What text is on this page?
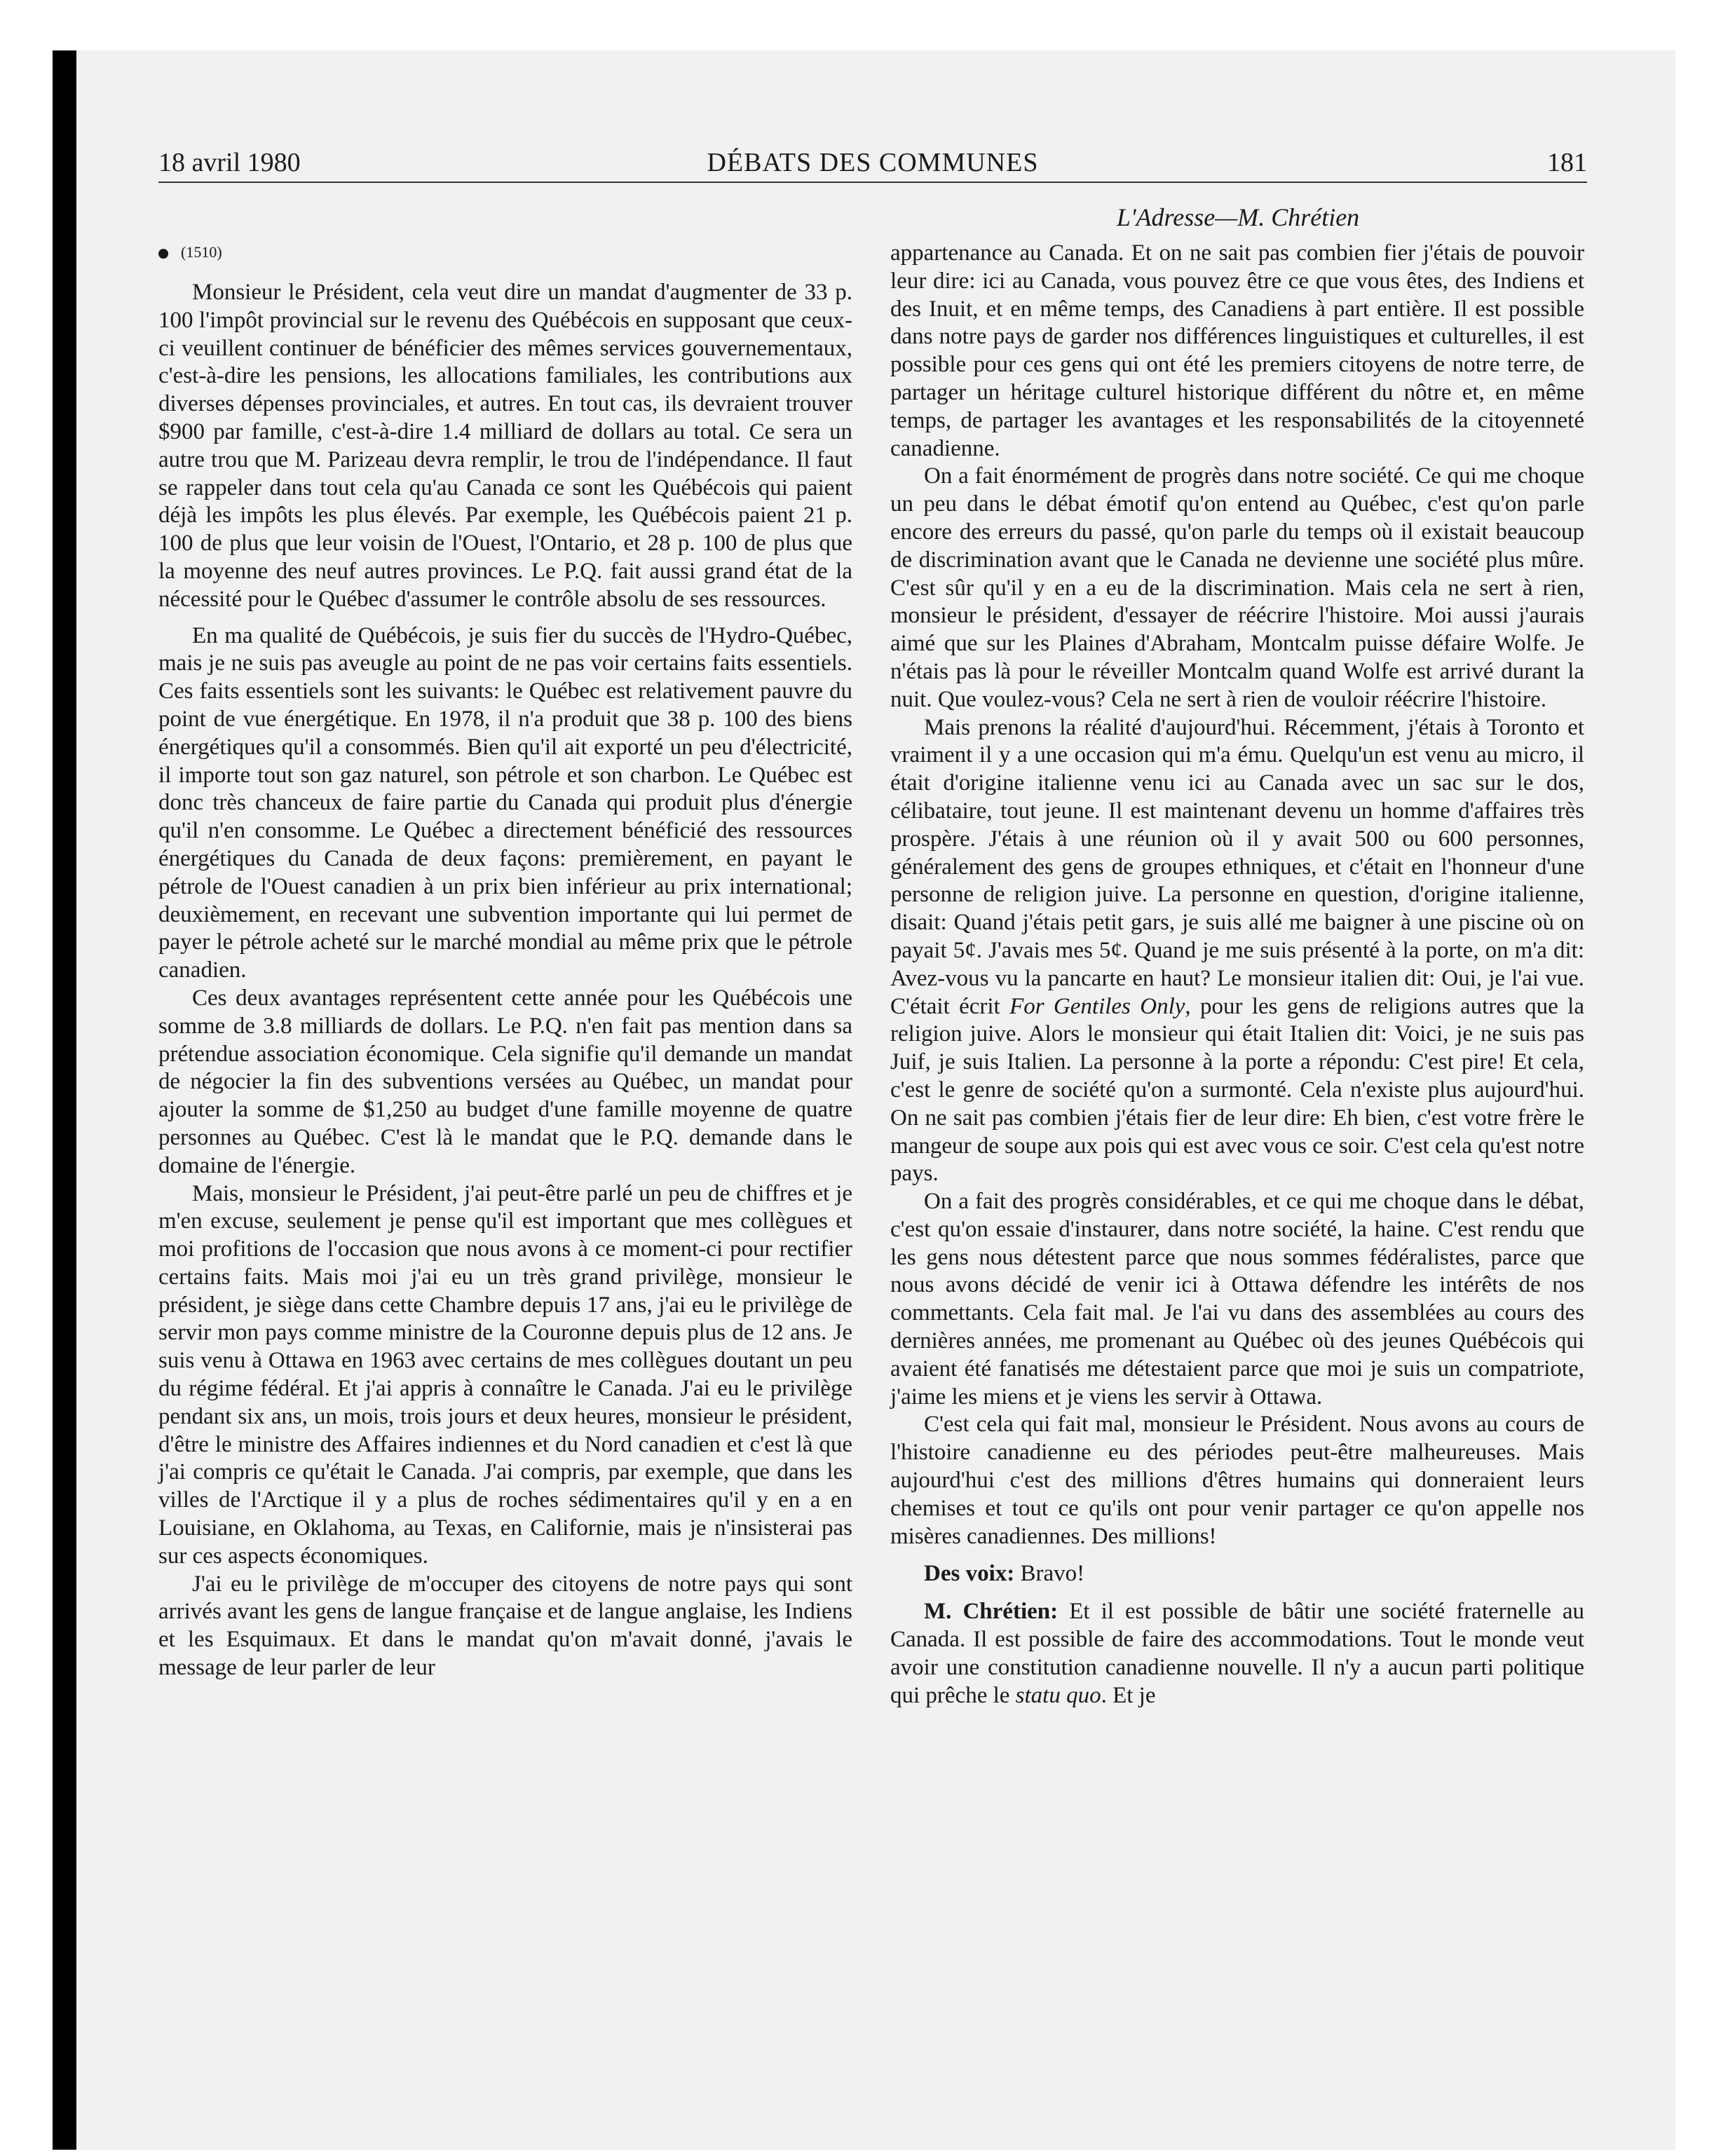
DÉBATS DES COMMUNES
18 avril 1980	181
L'Adresse—M. Chrétien
(1510)

Monsieur le Président, cela veut dire un mandat d'augmenter de 33 p. 100 l'impôt provincial sur le revenu des Québécois en supposant que ceux-ci veuillent continuer de bénéficier des mêmes services gouvernementaux, c'est-à-dire les pensions, les allocations familiales, les contributions aux diverses dépenses provinciales, et autres. En tout cas, ils devraient trouver $900 par famille, c'est-à-dire 1.4 milliard de dollars au total. Ce sera un autre trou que M. Parizeau devra remplir, le trou de l'indépendance. Il faut se rappeler dans tout cela qu'au Canada ce sont les Québécois qui paient déjà les impôts les plus élevés. Par exemple, les Québécois paient 21 p. 100 de plus que leur voisin de l'Ouest, l'Ontario, et 28 p. 100 de plus que la moyenne des neuf autres provinces. Le P.Q. fait aussi grand état de la nécessité pour le Québec d'assumer le contrôle absolu de ses ressources.

En ma qualité de Québécois, je suis fier du succès de l'Hydro-Québec, mais je ne suis pas aveugle au point de ne pas voir certains faits essentiels. Ces faits essentiels sont les suivants: le Québec est relativement pauvre du point de vue énergétique. En 1978, il n'a produit que 38 p. 100 des biens énergétiques qu'il a consommés. Bien qu'il ait exporté un peu d'électricité, il importe tout son gaz naturel, son pétrole et son charbon. Le Québec est donc très chanceux de faire partie du Canada qui produit plus d'énergie qu'il n'en consomme. Le Québec a directement bénéficié des ressources énergétiques du Canada de deux façons: premièrement, en payant le pétrole de l'Ouest canadien à un prix bien inférieur au prix international; deuxièmement, en recevant une subvention importante qui lui permet de payer le pétrole acheté sur le marché mondial au même prix que le pétrole canadien.

Ces deux avantages représentent cette année pour les Québécois une somme de 3.8 milliards de dollars. Le P.Q. n'en fait pas mention dans sa prétendue association économique. Cela signifie qu'il demande un mandat de négocier la fin des subventions versées au Québec, un mandat pour ajouter la somme de $1,250 au budget d'une famille moyenne de quatre personnes au Québec. C'est là le mandat que le P.Q. demande dans le domaine de l'énergie.

Mais, monsieur le Président, j'ai peut-être parlé un peu de chiffres et je m'en excuse, seulement je pense qu'il est important que mes collègues et moi profitions de l'occasion que nous avons à ce moment-ci pour rectifier certains faits. Mais moi j'ai eu un très grand privilège, monsieur le président, je siège dans cette Chambre depuis 17 ans, j'ai eu le privilège de servir mon pays comme ministre de la Couronne depuis plus de 12 ans. Je suis venu à Ottawa en 1963 avec certains de mes collègues doutant un peu du régime fédéral. Et j'ai appris à connaître le Canada. J'ai eu le privilège pendant six ans, un mois, trois jours et deux heures, monsieur le président, d'être le ministre des Affaires indiennes et du Nord canadien et c'est là que j'ai compris ce qu'était le Canada. J'ai compris, par exemple, que dans les villes de l'Arctique il y a plus de roches sédimentaires qu'il y en a en Louisiane, en Oklahoma, au Texas, en Californie, mais je n'insisterai pas sur ces aspects économiques.

J'ai eu le privilège de m'occuper des citoyens de notre pays qui sont arrivés avant les gens de langue française et de langue anglaise, les Indiens et les Esquimaux. Et dans le mandat qu'on m'avait donné, j'avais le message de leur parler de leur

appartenance au Canada. Et on ne sait pas combien fier j'étais de pouvoir leur dire: ici au Canada, vous pouvez être ce que vous êtes, des Indiens et des Inuit, et en même temps, des Canadiens à part entière. Il est possible dans notre pays de garder nos différences linguistiques et culturelles, il est possible pour ces gens qui ont été les premiers citoyens de notre terre, de partager un héritage culturel historique différent du nôtre et, en même temps, de partager les avantages et les responsabilités de la citoyenneté canadienne.

On a fait énormément de progrès dans notre société. Ce qui me choque un peu dans le débat émotif qu'on entend au Québec, c'est qu'on parle encore des erreurs du passé, qu'on parle du temps où il existait beaucoup de discrimination avant que le Canada ne devienne une société plus mûre. C'est sûr qu'il y en a eu de la discrimination. Mais cela ne sert à rien, monsieur le président, d'essayer de réécrire l'histoire. Moi aussi j'aurais aimé que sur les Plaines d'Abraham, Montcalm puisse défaire Wolfe. Je n'étais pas là pour le réveiller Montcalm quand Wolfe est arrivé durant la nuit. Que voulez-vous? Cela ne sert à rien de vouloir réécrire l'histoire.

Mais prenons la réalité d'aujourd'hui. Récemment, j'étais à Toronto et vraiment il y a une occasion qui m'a ému. Quelqu'un est venu au micro, il était d'origine italienne venu ici au Canada avec un sac sur le dos, célibataire, tout jeune. Il est maintenant devenu un homme d'affaires très prospère. J'étais à une réunion où il y avait 500 ou 600 personnes, généralement des gens de groupes ethniques, et c'était en l'honneur d'une personne de religion juive. La personne en question, d'origine italienne, disait: Quand j'étais petit gars, je suis allé me baigner à une piscine où on payait 5¢. J'avais mes 5¢. Quand je me suis présenté à la porte, on m'a dit: Avez-vous vu la pancarte en haut? Le monsieur italien dit: Oui, je l'ai vue. C'était écrit For Gentiles Only, pour les gens de religions autres que la religion juive. Alors le monsieur qui était Italien dit: Voici, je ne suis pas Juif, je suis Italien. La personne à la porte a répondu: C'est pire! Et cela, c'est le genre de société qu'on a surmonté. Cela n'existe plus aujourd'hui. On ne sait pas combien j'étais fier de leur dire: Eh bien, c'est votre frère le mangeur de soupe aux pois qui est avec vous ce soir. C'est cela qu'est notre pays.

On a fait des progrès considérables, et ce qui me choque dans le débat, c'est qu'on essaie d'instaurer, dans notre société, la haine. C'est rendu que les gens nous détestent parce que nous sommes fédéralistes, parce que nous avons décidé de venir ici à Ottawa défendre les intérêts de nos commettants. Cela fait mal. Je l'ai vu dans des assemblées au cours des dernières années, me promenant au Québec où des jeunes Québécois qui avaient été fanatisés me détestaient parce que moi je suis un compatriote, j'aime les miens et je viens les servir à Ottawa.

C'est cela qui fait mal, monsieur le Président. Nous avons au cours de l'histoire canadienne eu des périodes peut-être malheureuses. Mais aujourd'hui c'est des millions d'êtres humains qui donneraient leurs chemises et tout ce qu'ils ont pour venir partager ce qu'on appelle nos misères canadiennes. Des millions!

Des voix: Bravo!

M. Chrétien: Et il est possible de bâtir une société fraternelle au Canada. Il est possible de faire des accommodations. Tout le monde veut avoir une constitution canadienne nouvelle. Il n'y a aucun parti politique qui prêche le statu quo. Et je
